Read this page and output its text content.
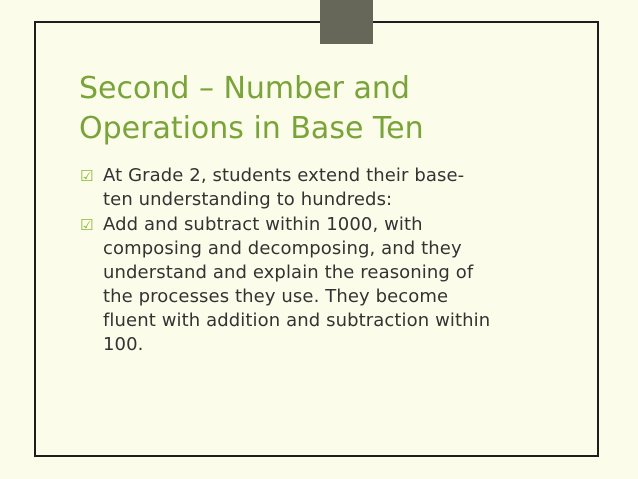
Second – Number and
Operations in Base Ten
☑ At Grade 2, students extend their base-
ten understanding to hundreds:
☑ Add and subtract within 1000, with
composing and decomposing, and they
understand and explain the reasoning of
the processes they use. They become
fluent with addition and subtraction within
100.
